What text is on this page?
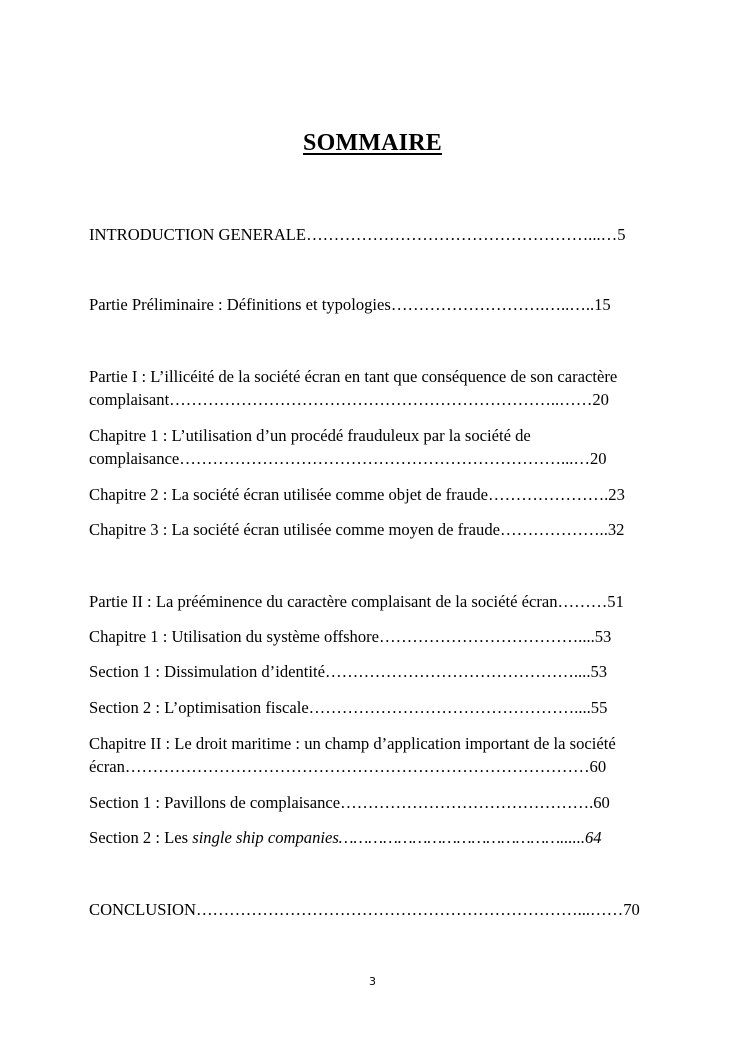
SOMMAIRE
INTRODUCTION GENERALE……………………………………………...…5
Partie Préliminaire : Définitions et typologies……………………….…..…..15
Partie I : L’illicéité de la société écran en tant que conséquence de son caractère
complaisant……………………………………………………………..……20
Chapitre 1 : L’utilisation d’un procédé frauduleux par la société de
complaisance……………………………………………………………...…20
Chapitre 2 : La société écran utilisée comme objet de fraude………………….23
Chapitre 3 : La société écran utilisée comme moyen de fraude………………..32
Partie II : La prééminence du caractère complaisant de la société écran………51
Chapitre 1 : Utilisation du système offshore………………………………....53
Section 1 : Dissimulation d’identité………………………………………....53
Section 2 : L’optimisation fiscale…………………………………………....55
Chapitre II : Le droit maritime : un champ d’application important de la société
écran…………………………………………………………………………60
Section 1 : Pavillons de complaisance……………………………………….60
Section 2 : Les single ship companies………………………………………......64
CONCLUSION……………………………………………………………...……70
3
